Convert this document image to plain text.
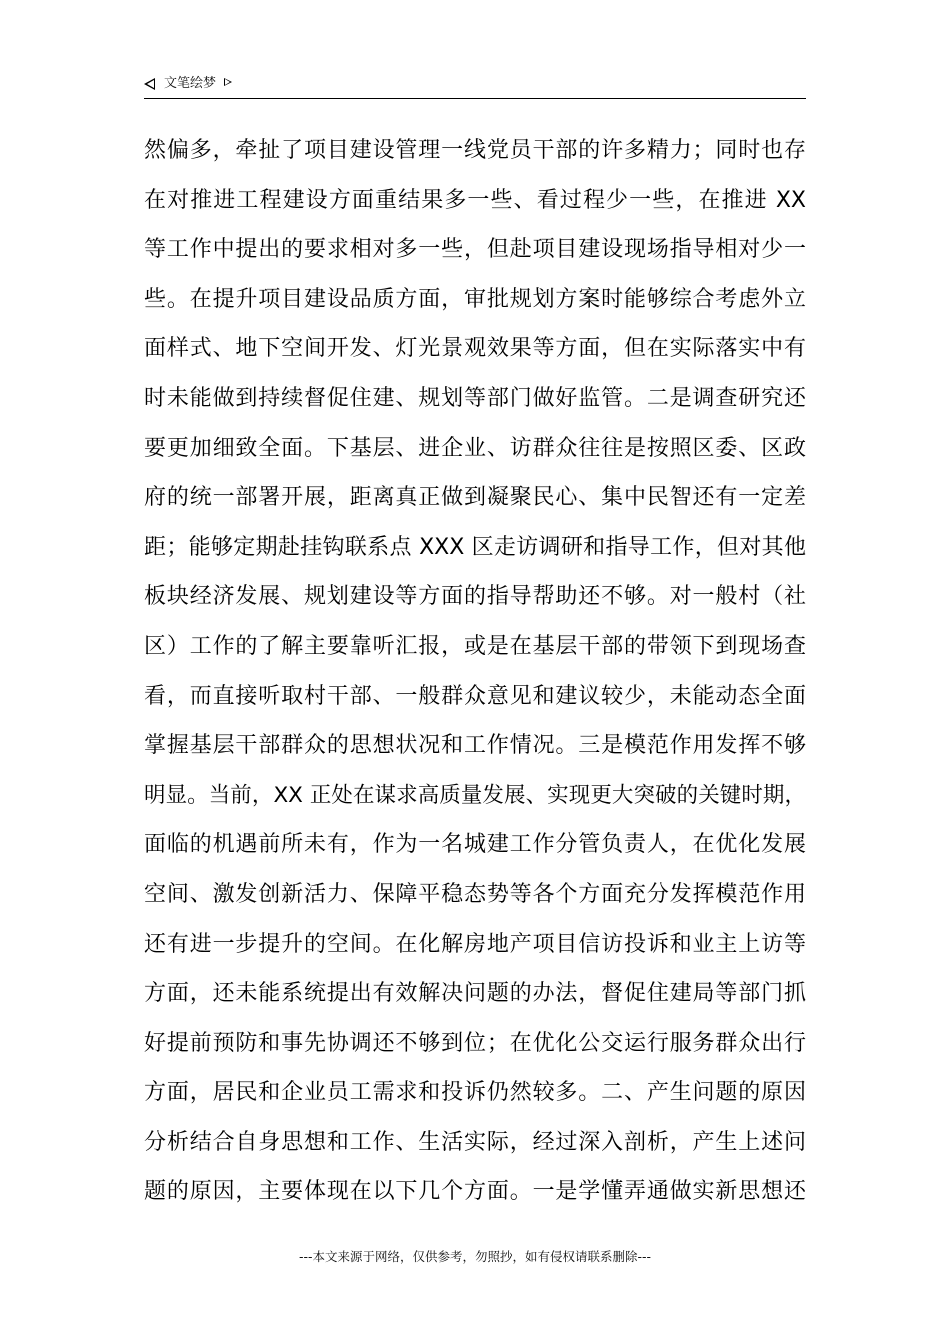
文笔绘梦
然偏多，牵扯了项目建设管理一线党员干部的许多精力；同时也存
在对推进工程建设方面重结果多一些、看过程少一些，在推进 XX
等工作中提出的要求相对多一些，但赴项目建设现场指导相对少一
些。在提升项目建设品质方面，审批规划方案时能够综合考虑外立
面样式、地下空间开发、灯光景观效果等方面，但在实际落实中有
时未能做到持续督促住建、规划等部门做好监管。二是调查研究还
要更加细致全面。下基层、进企业、访群众往往是按照区委、区政
府的统一部署开展，距离真正做到凝聚民心、集中民智还有一定差
距；能够定期赴挂钩联系点 XXX 区走访调研和指导工作，但对其他
板块经济发展、规划建设等方面的指导帮助还不够。对一般村（社
区）工作的了解主要靠听汇报，或是在基层干部的带领下到现场查
看，而直接听取村干部、一般群众意见和建议较少，未能动态全面
掌握基层干部群众的思想状况和工作情况。三是模范作用发挥不够
明显。当前，XX 正处在谋求高质量发展、实现更大突破的关键时期，
面临的机遇前所未有，作为一名城建工作分管负责人，在优化发展
空间、激发创新活力、保障平稳态势等各个方面充分发挥模范作用
还有进一步提升的空间。在化解房地产项目信访投诉和业主上访等
方面，还未能系统提出有效解决问题的办法，督促住建局等部门抓
好提前预防和事先协调还不够到位；在优化公交运行服务群众出行
方面，居民和企业员工需求和投诉仍然较多。二、产生问题的原因
分析结合自身思想和工作、生活实际，经过深入剖析，产生上述问
题的原因，主要体现在以下几个方面。一是学懂弄通做实新思想还
---本文来源于网络，仅供参考，勿照抄，如有侵权请联系删除---
